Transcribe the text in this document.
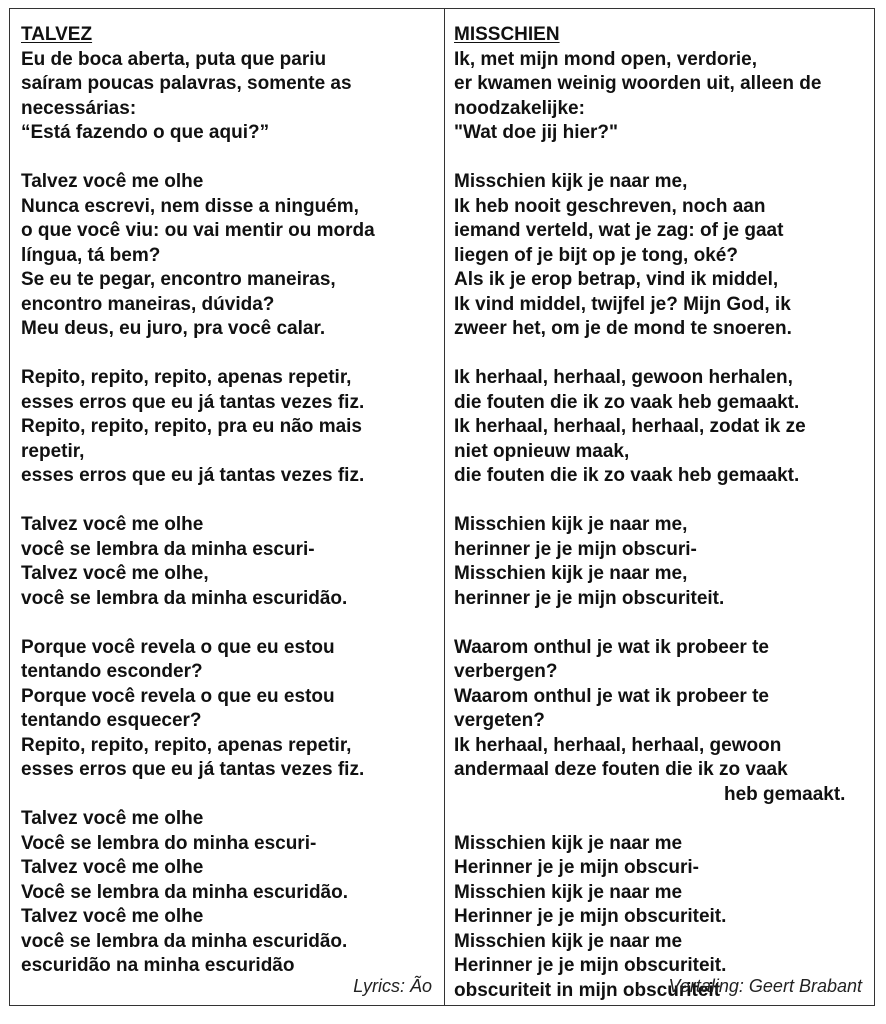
TALVEZ
Eu de boca aberta, puta que pariu
saíram poucas palavras, somente as
necessárias:
“Está fazendo o que aqui?”
Talvez você me olhe
Nunca escrevi, nem disse a ninguém,
o que você viu: ou vai mentir ou morda
língua, tá bem?
Se eu te pegar, encontro maneiras,
encontro maneiras, dúvida?
Meu deus, eu juro, pra você calar.
Repito, repito, repito, apenas repetir,
esses erros que eu já tantas vezes fiz.
Repito, repito, repito, pra eu não mais
repetir,
esses erros que eu já tantas vezes fiz.
Talvez você me olhe
você se lembra da minha escuri-
Talvez você me olhe,
você se lembra da minha escuridão.
Porque você revela o que eu estou
tentando esconder?
Porque você revela o que eu estou
tentando esquecer?
Repito, repito, repito, apenas repetir,
esses erros que eu já tantas vezes fiz.
Talvez você me olhe
Você se lembra do minha escuri-
Talvez você me olhe
Você se lembra da minha escuridão.
Talvez você me olhe
você se lembra da minha escuridão.
escuridão na minha escuridão
Lyrics: Ão
MISSCHIEN
Ik, met mijn mond open, verdorie,
er kwamen weinig woorden uit, alleen de
noodzakelijke:
"Wat doe jij hier?"
Misschien kijk je naar me,
Ik heb nooit geschreven, noch aan
iemand verteld, wat je zag: of je gaat
liegen of je bijt op je tong, oké?
Als ik je erop betrap, vind ik middel,
Ik vind middel, twijfel je? Mijn God, ik
zweer het, om je de mond te snoeren.
Ik herhaal, herhaal, gewoon herhalen,
die fouten die ik zo vaak heb gemaakt.
Ik herhaal, herhaal, herhaal, zodat ik ze
niet opnieuw maak,
die fouten die ik zo vaak heb gemaakt.
Misschien kijk je naar me,
herinner je je mijn obscuri-
Misschien kijk je naar me,
herinner je je mijn obscuriteit.
Waarom onthul je wat ik probeer te
verbergen?
Waarom onthul je wat ik probeer te
vergeten?
Ik herhaal, herhaal, herhaal, gewoon
andermaal deze fouten die ik zo vaak
heb gemaakt.
Misschien kijk je naar me
Herinner je je mijn obscuri-
Misschien kijk je naar me
Herinner je je mijn obscuriteit.
Misschien kijk je naar me
Herinner je je mijn obscuriteit.
obscuriteit in mijn obscuriteit
Vertaling: Geert Brabant
